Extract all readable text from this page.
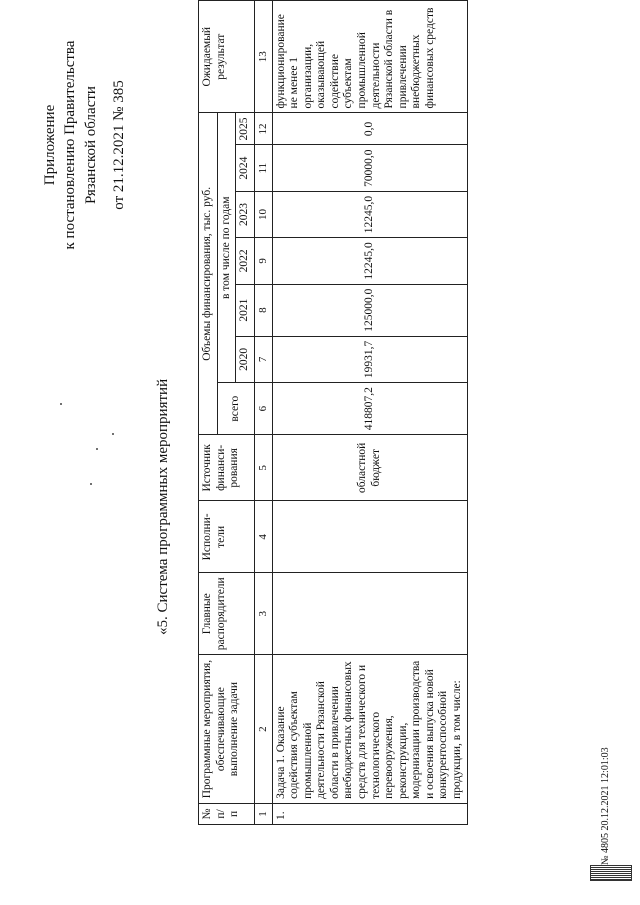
Приложение к постановлению Правительства Рязанской области от 21.12.2021 № 385
«5. Система программных мероприятий
№ п/п	Программные мероприятия, обеспечивающие выполнение задачи	Главные распорядители	Исполни-тели	Источник финанси-рования	Объемы финансирования, тыс. руб.							Ожидаемый результат
					всего	в том числе по годам						
						2020	2021	2022	2023	2024	2025	
1	2	3	4	5	6	7	8	9	10	11	12	13
1.	Задача 1. Оказание содействия субъектам промышленной деятельности Рязанской области в привлечении внебюджетных финансовых средств для технического и технологического перевооружения, реконструкции, модернизации производства и освоения выпуска новой конкурентоспособной продукции, в том числе:			областной бюджет	418807,2	19931,7	125000,0	12245,0	12245,0	70000,0	0,0	функционирование не менее 1 организации, оказывающей содействие субъектам промышленной деятельности Рязанской области в привлечении внебюджетных финансовых средств
№ 4805 20.12.2021 12:01:03
